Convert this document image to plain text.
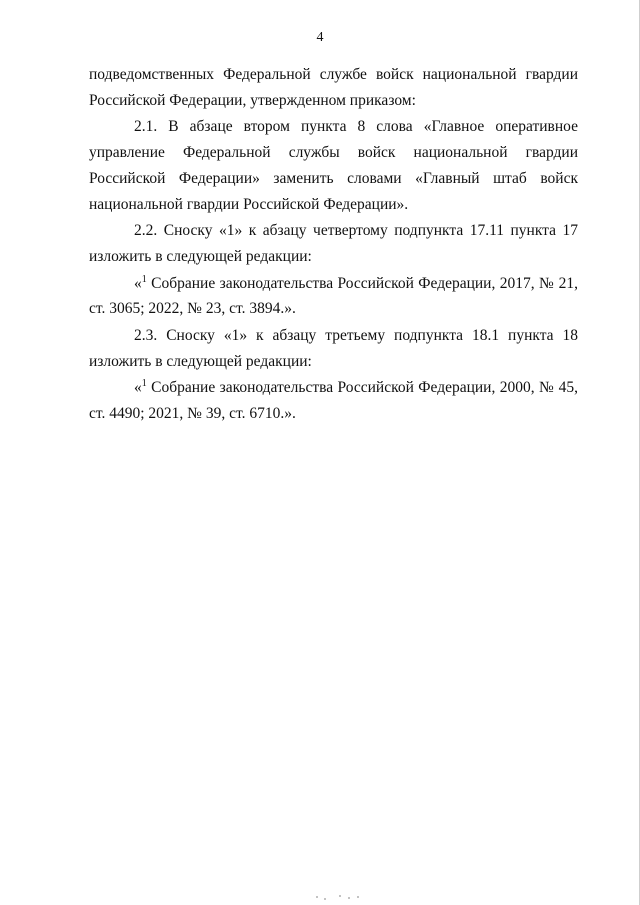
4

подведомственных Федеральной службе войск национальной гвардии Российской Федерации, утвержденном приказом:

2.1. В абзаце втором пункта 8 слова «Главное оперативное управление Федеральной службы войск национальной гвардии Российской Федерации» заменить словами «Главный штаб войск национальной гвардии Российской Федерации».

2.2. Сноску «1» к абзацу четвертому подпункта 17.11 пункта 17 изложить в следующей редакции:

«$^1$ Собрание законодательства Российской Федерации, 2017, № 21, ст. 3065; 2022, № 23, ст. 3894.».

2.3. Сноску «1» к абзацу третьему подпункта 18.1 пункта 18 изложить в следующей редакции:

«$^1$ Собрание законодательства Российской Федерации, 2000, № 45, ст. 4490; 2021, № 39, ст. 6710.».
